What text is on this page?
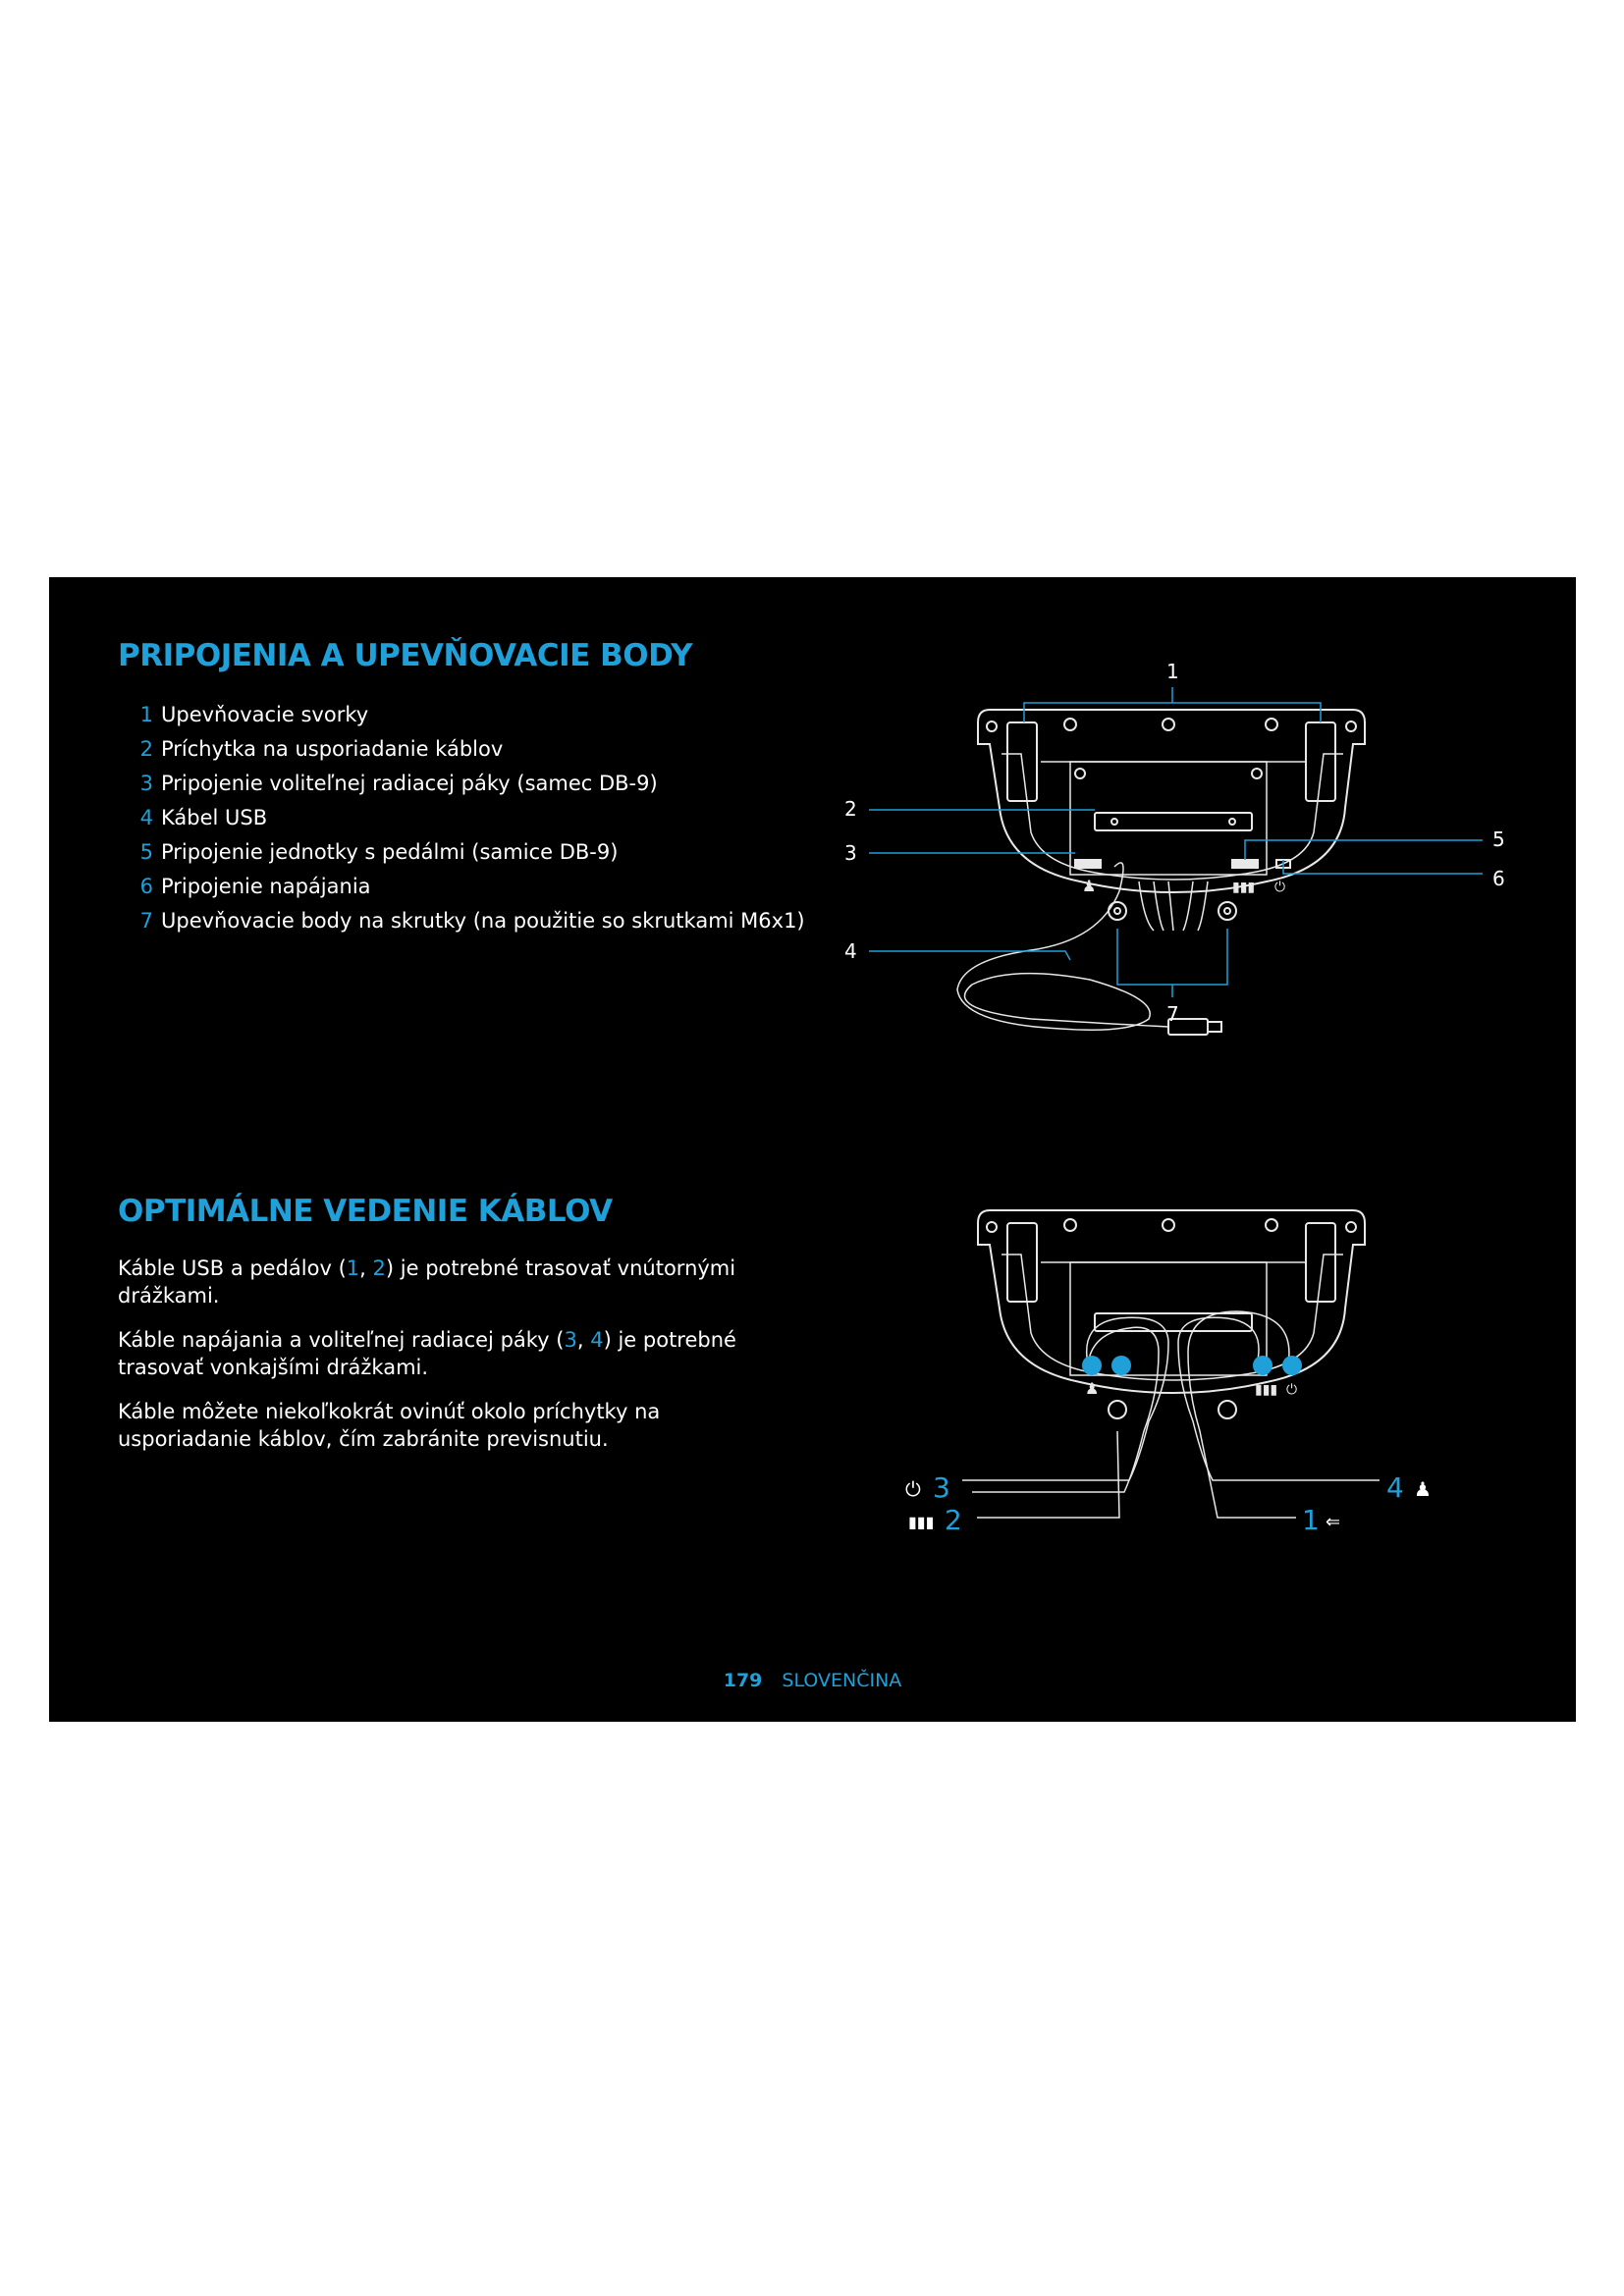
PRIPOJENIA A UPEVŇOVACIE BODY
1 Upevňovacie svorky
2 Príchytka na usporiadanie káblov
3 Pripojenie voliteľnej radiacej páky (samec DB-9)
4 Kábel USB
5 Pripojenie jednotky s pedálmi (samice DB-9)
6 Pripojenie napájania
7 Upevňovacie body na skrutky (na použitie so skrutkami M6x1)
OPTIMÁLNE VEDENIE KÁBLOV

Káble USB a pedálov (1, 2) je potrebné trasovať vnútornými drážkami.

Káble napájania a voliteľnej radiacej páky (3, 4) je potrebné trasovať vonkajšími drážkami.

Káble môžete niekoľkokrát ovinúť okolo príchytky na usporiadanie káblov, čím zabránite previsnutiu.

♟	▮▮▮ ⏻
1
2
3
4
5
6
7
♟	▮▮▮ ⏻
3	4
2	1
⏻	♟
▮▮▮	⇐
179 SLOVENČINA
